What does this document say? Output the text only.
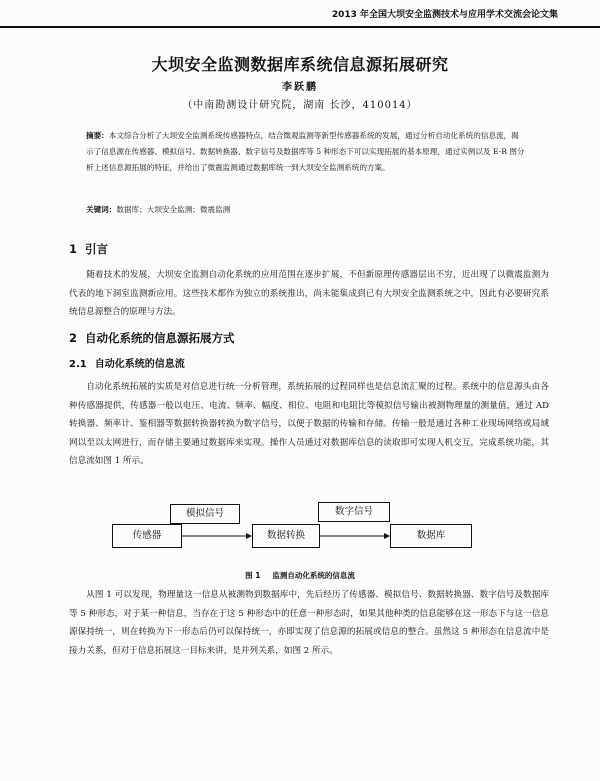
2013 年全国大坝安全监测技术与应用学术交流会论文集
大坝安全监测数据库系统信息源拓展研究
李跃鹏
（中南勘测设计研究院，湖南 长沙，410014）
摘要：本文综合分析了大坝安全监测系统传感器特点，结合微观监测等新型传感器系统的发展，通过分析自动化系统的信息流，揭示了信息源在传感器、模拟信号、数据转换器、数字信号及数据库等 5 种形态下可以实现拓展的基本原理，通过实例以及 E-R 图分析上述信息源拓展的特征，并给出了微震监测通过数据库统一到大坝安全监测系统的方案。
关键词：数据库；大坝安全监测；微震监测
1 引言

随着技术的发展，大坝安全监测自动化系统的应用范围在逐步扩展，不但新原理传感器层出不穷，近出现了以微震监测为代表的地下洞室监测新应用。这些技术都作为独立的系统推出，尚未能集成到已有大坝安全监测系统之中，因此有必要研究系统信息源整合的原理与方法。

2 自动化系统的信息源拓展方式
2.1 自动化系统的信息流

自动化系统拓展的实质是对信息进行统一分析管理，系统拓展的过程同样也是信息流汇聚的过程。系统中的信息源头由各种传感器提供，传感器一般以电压、电流、频率、幅度、相位、电阻和电阻比等模拟信号输出被测物理量的测量值，通过 AD 转换器、频率计、鉴相器等数据转换器转换为数字信号，以便于数据的传输和存储。传输一般是通过各种工业现场网络或局域网以至以太网进行，而存储主要通过数据库来实现。操作人员通过对数据库信息的读取即可实现人机交互，完成系统功能，其信息流如图 1 所示。

传感器
模拟信号
数据转换
数字信号
数据库
图 1 监测自动化系统的信息流

从图 1 可以发现，物理量这一信息从被测物到数据库中，先后经历了传感器、模拟信号、数据转换器、数字信号及数据库等 5 种形态，对于某一种信息，当存在于这 5 种形态中的任意一种形态时，如果其他种类的信息能够在这一形态下与这一信息源保持统一，则在转换为下一形态后仍可以保持统一，亦即实现了信息源的拓展或信息的整合。虽然这 5 种形态在信息流中是接力关系，但对于信息拓展这一目标来讲，是并列关系，如图 2 所示。
